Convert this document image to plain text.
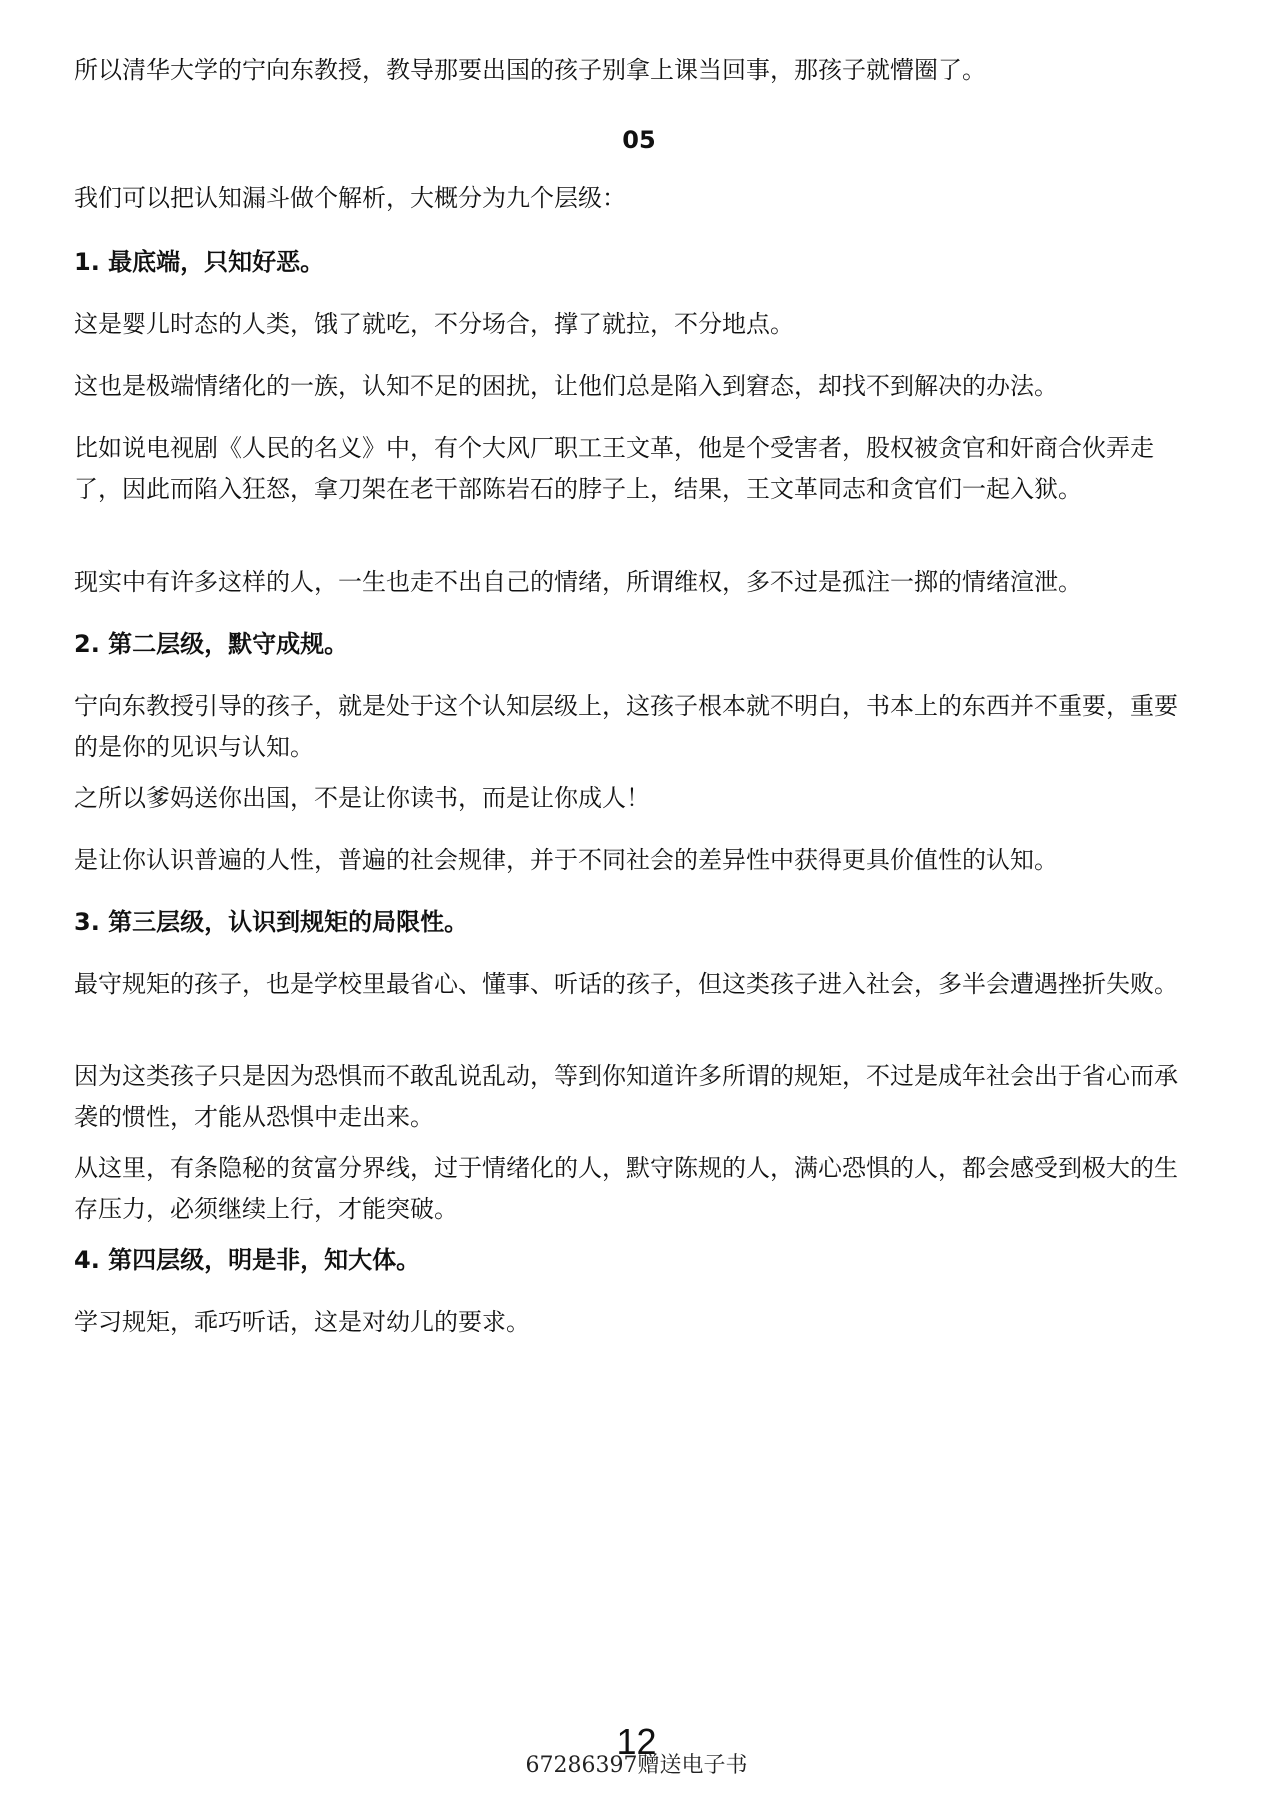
所以清华大学的宁向东教授，教导那要出国的孩子别拿上课当回事，那孩子就懵圈了。

05

我们可以把认知漏斗做个解析，大概分为九个层级：

1. 最底端，只知好恶。

这是婴儿时态的人类，饿了就吃，不分场合，撑了就拉，不分地点。

这也是极端情绪化的一族，认知不足的困扰，让他们总是陷入到窘态，却找不到解决的办法。

比如说电视剧《人民的名义》中，有个大风厂职工王文革，他是个受害者，股权被贪官和奸商合伙弄走了，因此而陷入狂怒，拿刀架在老干部陈岩石的脖子上，结果，王文革同志和贪官们一起入狱。

现实中有许多这样的人，一生也走不出自己的情绪，所谓维权，多不过是孤注一掷的情绪渲泄。

2. 第二层级，默守成规。

宁向东教授引导的孩子，就是处于这个认知层级上，这孩子根本就不明白，书本上的东西并不重要，重要的是你的见识与认知。

之所以爹妈送你出国，不是让你读书，而是让你成人！

是让你认识普遍的人性，普遍的社会规律，并于不同社会的差异性中获得更具价值性的认知。

3. 第三层级，认识到规矩的局限性。

最守规矩的孩子，也是学校里最省心、懂事、听话的孩子，但这类孩子进入社会，多半会遭遇挫折失败。

因为这类孩子只是因为恐惧而不敢乱说乱动，等到你知道许多所谓的规矩，不过是成年社会出于省心而承袭的惯性，才能从恐惧中走出来。

从这里，有条隐秘的贫富分界线，过于情绪化的人，默守陈规的人，满心恐惧的人，都会感受到极大的生存压力，必须继续上行，才能突破。

4. 第四层级，明是非，知大体。

学习规矩，乖巧听话，这是对幼儿的要求。

12
67286397赠送电子书
